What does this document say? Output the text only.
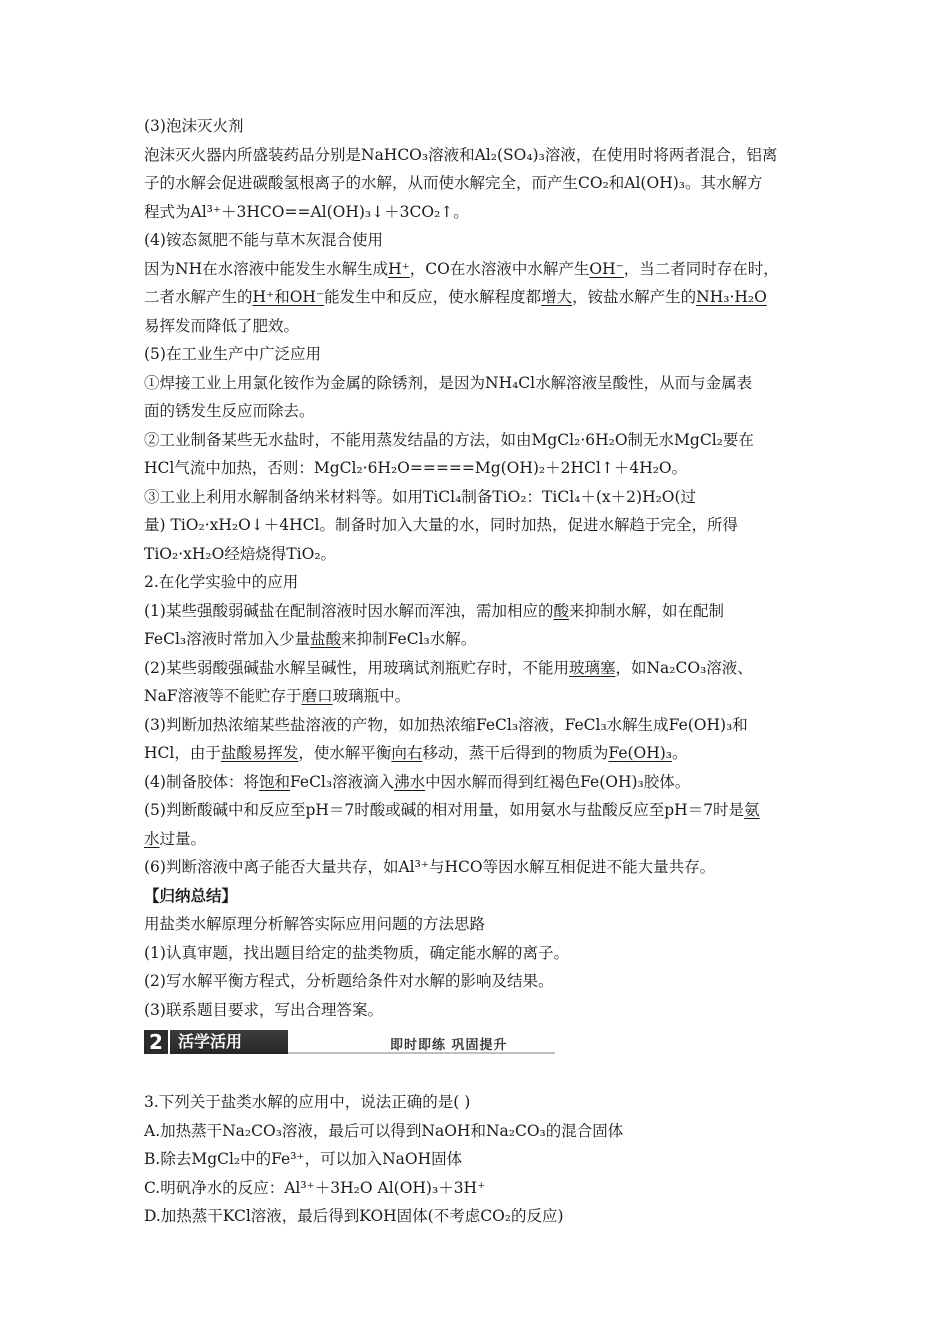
(3)泡沫灭火剂
泡沫灭火器内所盛装药品分别是NaHCO₃溶液和Al₂(SO₄)₃溶液，在使用时将两者混合，铝离
子的水解会促进碳酸氢根离子的水解，从而使水解完全，而产生CO₂和Al(OH)₃。其水解方
程式为Al³⁺＋3HCO==Al(OH)₃↓＋3CO₂↑。
(4)铵态氮肥不能与草木灰混合使用
因为NH在水溶液中能发生水解生成H⁺，CO在水溶液中水解产生OH⁻，当二者同时存在时，
二者水解产生的H⁺和OH⁻能发生中和反应，使水解程度都增大，铵盐水解产生的NH₃·H₂O
易挥发而降低了肥效。
(5)在工业生产中广泛应用
①焊接工业上用氯化铵作为金属的除锈剂，是因为NH₄Cl水解溶液呈酸性，从而与金属表
面的锈发生反应而除去。
②工业制备某些无水盐时，不能用蒸发结晶的方法，如由MgCl₂·6H₂O制无水MgCl₂要在
HCl气流中加热，否则：MgCl₂·6H₂O=====Mg(OH)₂＋2HCl↑＋4H₂O。
③工业上利用水解制备纳米材料等。如用TiCl₄制备TiO₂：TiCl₄＋(x＋2)H₂O(过
量) TiO₂·xH₂O↓＋4HCl。制备时加入大量的水，同时加热，促进水解趋于完全，所得
TiO₂·xH₂O经焙烧得TiO₂。
2.在化学实验中的应用
(1)某些强酸弱碱盐在配制溶液时因水解而浑浊，需加相应的酸来抑制水解，如在配制
FeCl₃溶液时常加入少量盐酸来抑制FeCl₃水解。
(2)某些弱酸强碱盐水解呈碱性，用玻璃试剂瓶贮存时，不能用玻璃塞，如Na₂CO₃溶液、
NaF溶液等不能贮存于磨口玻璃瓶中。
(3)判断加热浓缩某些盐溶液的产物，如加热浓缩FeCl₃溶液，FeCl₃水解生成Fe(OH)₃和
HCl，由于盐酸易挥发，使水解平衡向右移动，蒸干后得到的物质为Fe(OH)₃。
(4)制备胶体：将饱和FeCl₃溶液滴入沸水中因水解而得到红褐色Fe(OH)₃胶体。
(5)判断酸碱中和反应至pH＝7时酸或碱的相对用量，如用氨水与盐酸反应至pH＝7时是氨
水过量。
(6)判断溶液中离子能否大量共存，如Al³⁺与HCO等因水解互相促进不能大量共存。
【归纳总结】
用盐类水解原理分析解答实际应用问题的方法思路
(1)认真审题，找出题目给定的盐类物质，确定能水解的离子。
(2)写水解平衡方程式，分析题给条件对水解的影响及结果。
(3)联系题目要求，写出合理答案。
2 活学活用	即时即练 巩固提升
3.下列关于盐类水解的应用中，说法正确的是( )
A.加热蒸干Na₂CO₃溶液，最后可以得到NaOH和Na₂CO₃的混合固体
B.除去MgCl₂中的Fe³⁺，可以加入NaOH固体
C.明矾净水的反应：Al³⁺＋3H₂O Al(OH)₃＋3H⁺
D.加热蒸干KCl溶液，最后得到KOH固体(不考虑CO₂的反应)
